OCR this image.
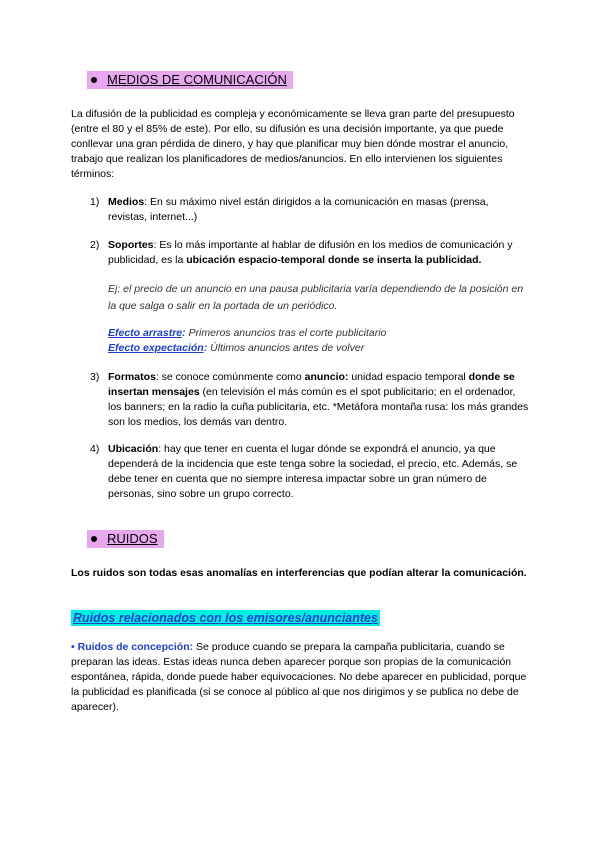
MEDIOS DE COMUNICACIÓN

La difusión de la publicidad es compleja y económicamente se lleva gran parte del presupuesto (entre el 80 y el 85% de este). Por ello, su difusión es una decisión importante, ya que puede conllevar una gran pérdida de dinero, y hay que planificar muy bien dónde mostrar el anuncio, trabajo que realizan los planificadores de medios/anuncios. En ello intervienen los siguientes términos:

1) Medios: En su máximo nivel están dirigidos a la comunicación en masas (prensa, revistas, internet...)
2) Soportes: Es lo más importante al hablar de difusión en los medios de comunicación y publicidad, es la ubicación espacio-temporal donde se inserta la publicidad.
Ej: el precio de un anuncio en una pausa publicitaria varía dependiendo de la posición en la que salga o salir en la portada de un periódico.
Efecto arrastre: Primeros anuncios tras el corte publicitario
Efecto expectación: Últimos anuncios antes de volver
3) Formatos: se conoce comúnmente como anuncio: unidad espacio temporal donde se insertan mensajes (en televisión el más común es el spot publicitario; en el ordenador, los banners; en la radio la cuña publicitaria, etc. *Metáfora montaña rusa: los más grandes son los medios, los demás van dentro.
4) Ubicación: hay que tener en cuenta el lugar dónde se expondrá el anuncio, ya que dependerá de la incidencia que este tenga sobre la sociedad, el precio, etc. Además, se debe tener en cuenta que no siempre interesa impactar sobre un gran número de personas, sino sobre un grupo correcto.
RUIDOS

Los ruidos son todas esas anomalías en interferencias que podían alterar la comunicación.

Ruidos relacionados con los emisores/anunciantes

• Ruidos de concepción: Se produce cuando se prepara la campaña publicitaria, cuando se preparan las ideas. Estas ideas nunca deben aparecer porque son propias de la comunicación espontánea, rápida, donde puede haber equivocaciones. No debe aparecer en publicidad, porque la publicidad es planificada (si se conoce al público al que nos dirigimos y se publica no debe de aparecer).
